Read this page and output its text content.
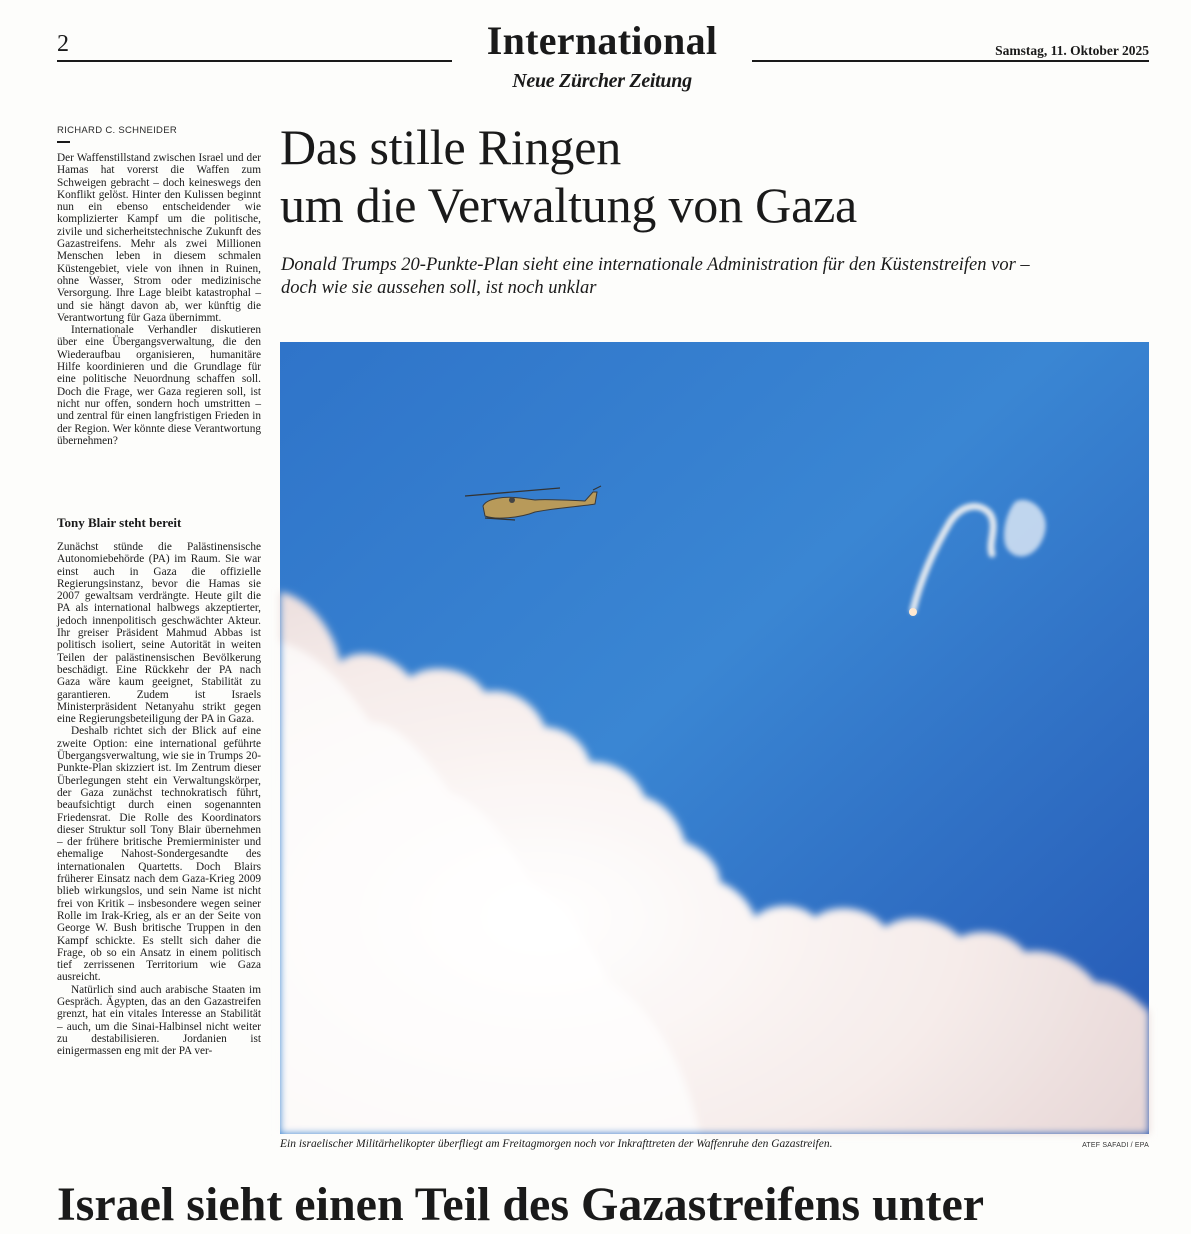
2	International	Samstag, 11. Oktober 2025
Neue Zürcher Zeitung
RICHARD C. SCHNEIDER

Der Waffenstillstand zwischen Israel und der Hamas hat vorerst die Waffen zum Schweigen gebracht – doch keineswegs den Konflikt gelöst. Hinter den Kulissen beginnt nun ein ebenso entscheidender wie komplizierter Kampf um die politische, zivile und sicherheitstechnische Zukunft des Gazastreifens. Mehr als zwei Millionen Menschen leben in diesem schmalen Küstengebiet, viele von ihnen in Ruinen, ohne Wasser, Strom oder medizinische Versorgung. Ihre Lage bleibt katastrophal – und sie hängt davon ab, wer künftig die Verantwortung für Gaza übernimmt.

Internationale Verhandler diskutieren über eine Übergangsverwaltung, die den Wiederaufbau organisieren, humanitäre Hilfe koordinieren und die Grundlage für eine politische Neuordnung schaffen soll. Doch die Frage, wer Gaza regieren soll, ist nicht nur offen, sondern hoch umstritten – und zentral für einen langfristigen Frieden in der Region. Wer könnte diese Verantwortung übernehmen?

Tony Blair steht bereit

Zunächst stünde die Palästinensische Autonomiebehörde (PA) im Raum. Sie war einst auch in Gaza die offizielle Regierungsinstanz, bevor die Hamas sie 2007 gewaltsam verdrängte. Heute gilt die PA als international halbwegs akzeptierter, jedoch innenpolitisch geschwächter Akteur. Ihr greiser Präsident Mahmud Abbas ist politisch isoliert, seine Autorität in weiten Teilen der palästinensischen Bevölkerung beschädigt. Eine Rückkehr der PA nach Gaza wäre kaum geeignet, Stabilität zu garantieren. Zudem ist Israels Ministerpräsident Netanyahu strikt gegen eine Regierungsbeteiligung der PA in Gaza.

Deshalb richtet sich der Blick auf eine zweite Option: eine international geführte Übergangsverwaltung, wie sie in Trumps 20-Punkte-Plan skizziert ist. Im Zentrum dieser Überlegungen steht ein Verwaltungskörper, der Gaza zunächst technokratisch führt, beaufsichtigt durch einen sogenannten Friedensrat. Die Rolle des Koordinators dieser Struktur soll Tony Blair übernehmen – der frühere britische Premierminister und ehemalige Nahost-Sondergesandte des internationalen Quartetts. Doch Blairs früherer Einsatz nach dem Gaza-Krieg 2009 blieb wirkungslos, und sein Name ist nicht frei von Kritik – insbesondere wegen seiner Rolle im Irak-Krieg, als er an der Seite von George W. Bush britische Truppen in den Kampf schickte. Es stellt sich daher die Frage, ob so ein Ansatz in einem politisch tief zerrissenen Territorium wie Gaza ausreicht.

Natürlich sind auch arabische Staaten im Gespräch. Ägypten, das an den Gazastreifen grenzt, hat ein vitales Interesse an Stabilität – auch, um die Sinai-Halbinsel nicht weiter zu destabilisieren. Jordanien ist einigermassen eng mit der PA ver-

Das stille Ringen
um die Verwaltung von Gaza
Donald Trumps 20-Punkte-Plan sieht eine internationale Administration für den Küstenstreifen vor –
doch wie sie aussehen soll, ist noch unklar
Ein israelischer Militärhelikopter überfliegt am Freitagmorgen noch vor Inkrafttreten der Waffenruhe den Gazastreifen.	ATEF SAFADI / EPA
Israel sieht einen Teil des Gazastreifens unter
